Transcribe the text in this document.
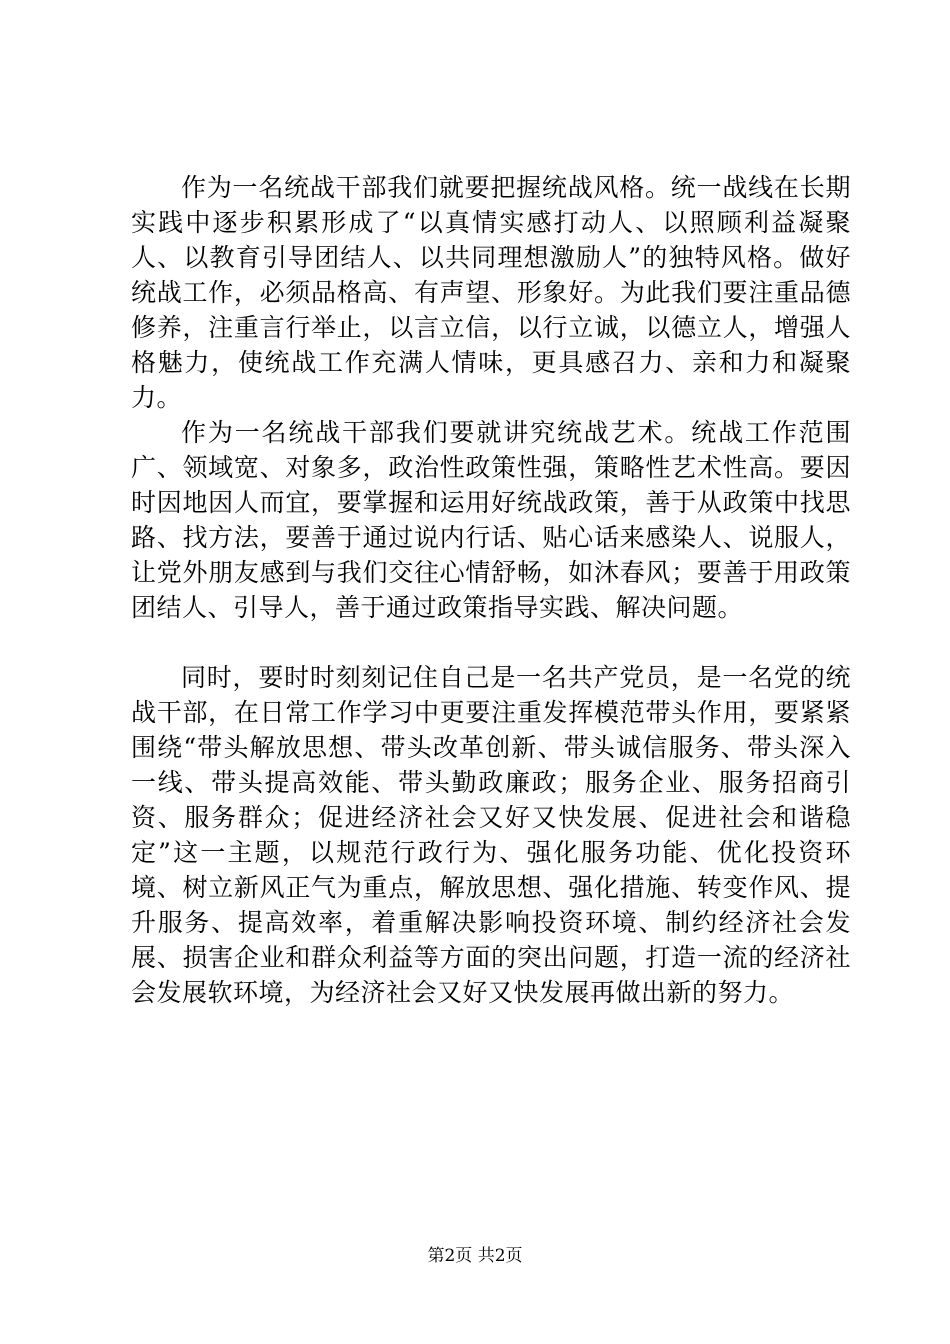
作为一名统战干部我们就要把握统战风格。统一战线在长期实践中逐步积累形成了“以真情实感打动人、以照顾利益凝聚人、以教育引导团结人、以共同理想激励人”的独特风格。做好统战工作，必须品格高、有声望、形象好。为此我们要注重品德修养，注重言行举止，以言立信，以行立诚，以德立人，增强人格魅力，使统战工作充满人情味，更具感召力、亲和力和凝聚力。

作为一名统战干部我们要就讲究统战艺术。统战工作范围广、领域宽、对象多，政治性政策性强，策略性艺术性高。要因时因地因人而宜，要掌握和运用好统战政策，善于从政策中找思路、找方法，要善于通过说内行话、贴心话来感染人、说服人，让党外朋友感到与我们交往心情舒畅，如沐春风；要善于用政策团结人、引导人，善于通过政策指导实践、解决问题。

同时，要时时刻刻记住自己是一名共产党员，是一名党的统战干部，在日常工作学习中更要注重发挥模范带头作用，要紧紧围绕“带头解放思想、带头改革创新、带头诚信服务、带头深入一线、带头提高效能、带头勤政廉政；服务企业、服务招商引资、服务群众；促进经济社会又好又快发展、促进社会和谐稳定”这一主题，以规范行政行为、强化服务功能、优化投资环境、树立新风正气为重点，解放思想、强化措施、转变作风、提升服务、提高效率，着重解决影响投资环境、制约经济社会发展、损害企业和群众利益等方面的突出问题，打造一流的经济社会发展软环境，为经济社会又好又快发展再做出新的努力。

第2页 共2页
